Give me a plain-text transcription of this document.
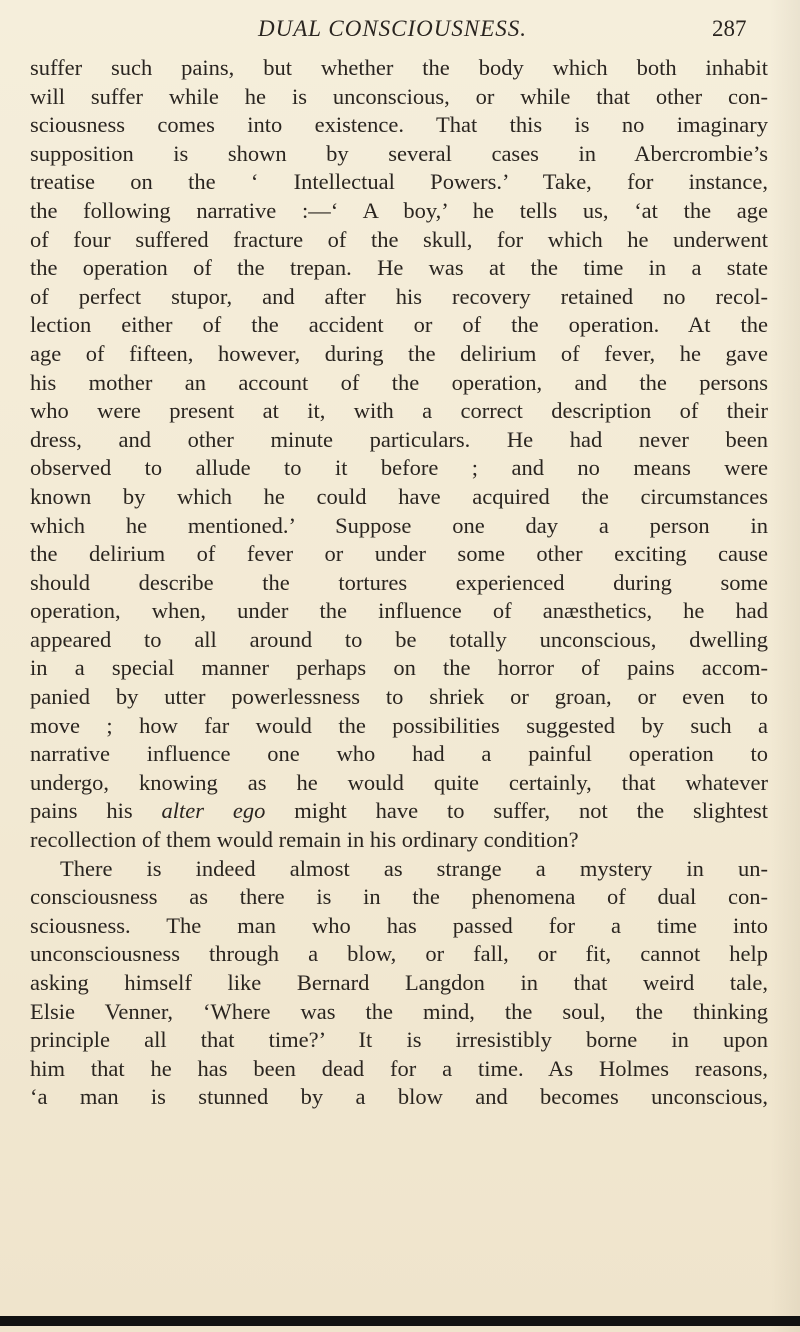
DUAL CONSCIOUSNESS.	287
suffer such pains, but whether the body which both inhabit
will suffer while he is unconscious, or while that other con-
sciousness comes into existence. That this is no imaginary
supposition is shown by several cases in Abercrombie’s
treatise on the ‘ Intellectual Powers.’ Take, for instance,
the following narrative :—‘ A boy,’ he tells us, ‘at the age
of four suffered fracture of the skull, for which he underwent
the operation of the trepan. He was at the time in a state
of perfect stupor, and after his recovery retained no recol-
lection either of the accident or of the operation. At the
age of fifteen, however, during the delirium of fever, he gave
his mother an account of the operation, and the persons
who were present at it, with a correct description of their
dress, and other minute particulars. He had never been
observed to allude to it before ; and no means were
known by which he could have acquired the circumstances
which he mentioned.’ Suppose one day a person in
the delirium of fever or under some other exciting cause
should describe the tortures experienced during some
operation, when, under the influence of anæsthetics, he had
appeared to all around to be totally unconscious, dwelling
in a special manner perhaps on the horror of pains accom-
panied by utter powerlessness to shriek or groan, or even to
move ; how far would the possibilities suggested by such a
narrative influence one who had a painful operation to
undergo, knowing as he would quite certainly, that whatever
pains his alter ego might have to suffer, not the slightest
recollection of them would remain in his ordinary condition?
There is indeed almost as strange a mystery in un-
consciousness as there is in the phenomena of dual con-
sciousness. The man who has passed for a time into
unconsciousness through a blow, or fall, or fit, cannot help
asking himself like Bernard Langdon in that weird tale,
Elsie Venner, ‘Where was the mind, the soul, the thinking
principle all that time?’ It is irresistibly borne in upon
him that he has been dead for a time. As Holmes reasons,
‘a man is stunned by a blow and becomes unconscious,
